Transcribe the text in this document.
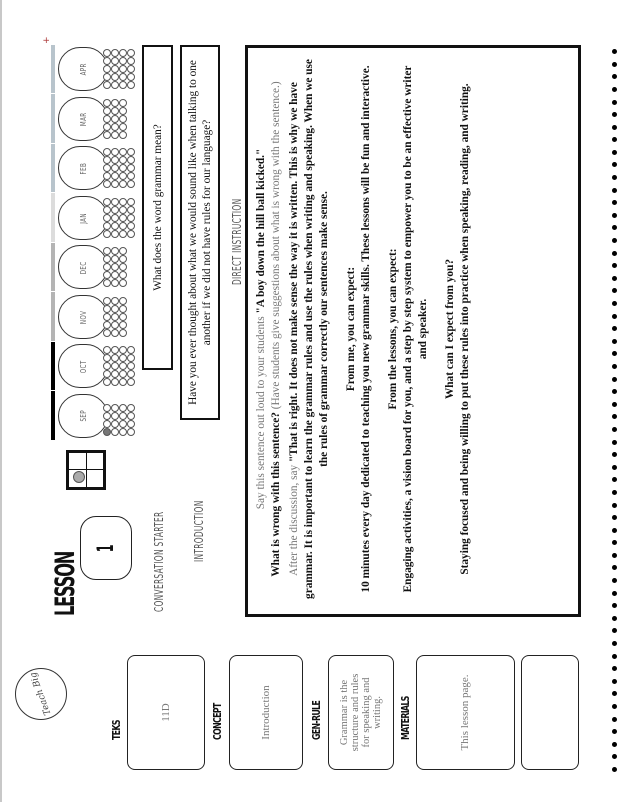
Teach Big
TEKS	CONCEPT	GEN-RULE	MATERIALS
11D	Introduction	Grammar is the structure and rules for speaking and writing.	This lesson page.
LESSON
1	CONVERSATION STARTER INTRODUCTION
DIRECT INSTRUCTION
SEP
OCT
NOV
DEC
JAN
FEB
MAR
APR
What does the word grammar mean? Have you ever thought about what we would sound like when talking to one another if we did not have rules for our language?

Say this sentence out loud to your students "A boy down the hill ball kicked."

What is wrong with this sentence? (Have students give suggestions about what is wrong with the sentence.)

After the discussion, say "That is right. It does not make sense the way it is written. This is why we have grammar. It is important to learn the grammar rules and use the rules when writing and speaking. When we use the rules of grammar correctly our sentences make sense. From me, you can expect: 10 minutes every day dedicated to teaching you new grammar skills. These lessons will be fun and interactive. From the lessons, you can expect: Engaging activities, a vision board for you, and a step by step system to empower you to be an effective writer and speaker. What can I expect from you? Staying focused and being willing to put these rules into practice when speaking, reading, and writing.

+
